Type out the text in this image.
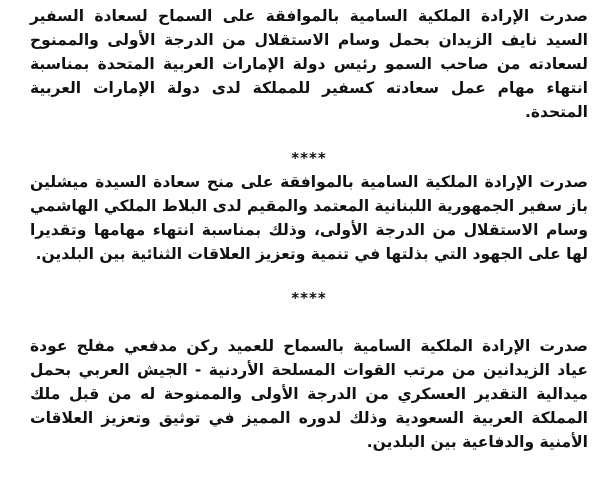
صدرت الإرادة الملكية السامية بالموافقة على السماح لسعادة السفير السيد نايف الزيدان بحمل وسام الاستقلال من الدرجة الأولى والممنوح لسعادته من صاحب السمو رئيس دولة الإمارات العربية المتحدة بمناسبة انتهاء مهام عمل سعادته كسفير للمملكة لدى دولة الإمارات العربية المتحدة.

****

صدرت الإرادة الملكية السامية بالموافقة على منح سعادة السيدة ميشلين باز سفير الجمهورية اللبنانية المعتمد والمقيم لدى البلاط الملكي الهاشمي وسام الاستقلال من الدرجة الأولى، وذلك بمناسبة انتهاء مهامها وتقديرا لها على الجهود التي بذلتها في تنمية وتعزيز العلاقات الثنائية بين البلدين.

****

صدرت الإرادة الملكية السامية بالسماح للعميد ركن مدفعي مفلح عودة عياد الزيدانين من مرتب القوات المسلحة الأردنية - الجيش العربي بحمل ميدالية التقدير العسكري من الدرجة الأولى والممنوحة له من قبل ملك المملكة العربية السعودية وذلك لدوره المميز في توثيق وتعزيز العلاقات الأمنية والدفاعية بين البلدين.
